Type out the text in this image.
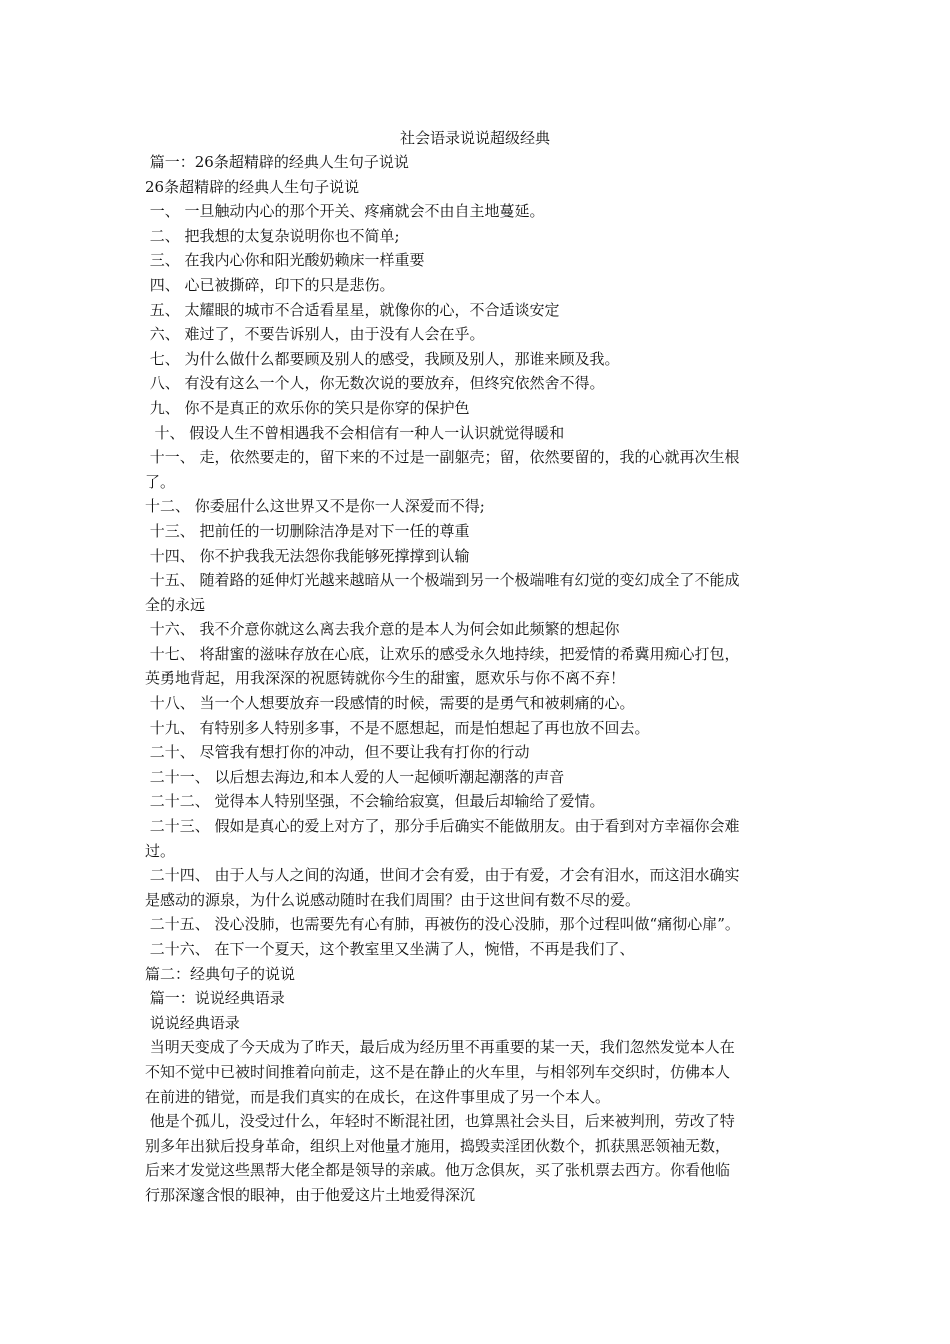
社会语录说说超级经典

篇一：26条超精辟的经典人生句子说说

26条超精辟的经典人生句子说说

一、 一旦触动内心的那个开关、疼痛就会不由自主地蔓延。

二、 把我想的太复杂说明你也不简单;

三、 在我内心你和阳光酸奶赖床一样重要

四、 心已被撕碎，印下的只是悲伤。

五、 太耀眼的城市不合适看星星，就像你的心，不合适谈安定

六、 难过了，不要告诉别人，由于没有人会在乎。

七、 为什么做什么都要顾及别人的感受，我顾及别人，那谁来顾及我。

八、 有没有这么一个人，你无数次说的要放弃，但终究依然舍不得。

九、 你不是真正的欢乐你的笑只是你穿的保护色

十、 假设人生不曾相遇我不会相信有一种人一认识就觉得暖和

十一、 走，依然要走的，留下来的不过是一副躯壳；留，依然要留的，我的心就再次生根

了。

十二、 你委屈什么这世界又不是你一人深爱而不得;

十三、 把前任的一切删除洁净是对下一任的尊重

十四、 你不护我我无法怨你我能够死撑撑到认输

十五、 随着路的延伸灯光越来越暗从一个极端到另一个极端唯有幻觉的变幻成全了不能成

全的永远

十六、 我不介意你就这么离去我介意的是本人为何会如此频繁的想起你

十七、 将甜蜜的滋味存放在心底，让欢乐的感受永久地持续，把爱情的希冀用痴心打包，

英勇地背起，用我深深的祝愿铸就你今生的甜蜜，愿欢乐与你不离不弃！

十八、 当一个人想要放弃一段感情的时候，需要的是勇气和被刺痛的心。

十九、 有特别多人特别多事，不是不愿想起，而是怕想起了再也放不回去。

二十、 尽管我有想打你的冲动，但不要让我有打你的行动

二十一、 以后想去海边,和本人爱的人一起倾听潮起潮落的声音

二十二、 觉得本人特别坚强，不会输给寂寞，但最后却输给了爱情。

二十三、 假如是真心的爱上对方了，那分手后确实不能做朋友。由于看到对方幸福你会难

过。

二十四、 由于人与人之间的沟通，世间才会有爱，由于有爱，才会有泪水，而这泪水确实

是感动的源泉，为什么说感动随时在我们周围？由于这世间有数不尽的爱。

二十五、 没心没肺，也需要先有心有肺，再被伤的没心没肺，那个过程叫做“痛彻心扉”。

二十六、 在下一个夏天，这个教室里又坐满了人，惋惜，不再是我们了、

篇二：经典句子的说说

篇一：说说经典语录

说说经典语录

当明天变成了今天成为了昨天，最后成为经历里不再重要的某一天，我们忽然发觉本人在

不知不觉中已被时间推着向前走，这不是在静止的火车里，与相邻列车交织时，仿佛本人

在前进的错觉，而是我们真实的在成长，在这件事里成了另一个本人。

他是个孤儿，没受过什么，年轻时不断混社团，也算黑社会头目，后来被判刑，劳改了特

别多年出狱后投身革命，组织上对他量才施用，捣毁卖淫团伙数个，抓获黑恶领袖无数，

后来才发觉这些黑帮大佬全都是领导的亲戚。他万念俱灰，买了张机票去西方。你看他临

行那深邃含恨的眼神，由于他爱这片土地爱得深沉
